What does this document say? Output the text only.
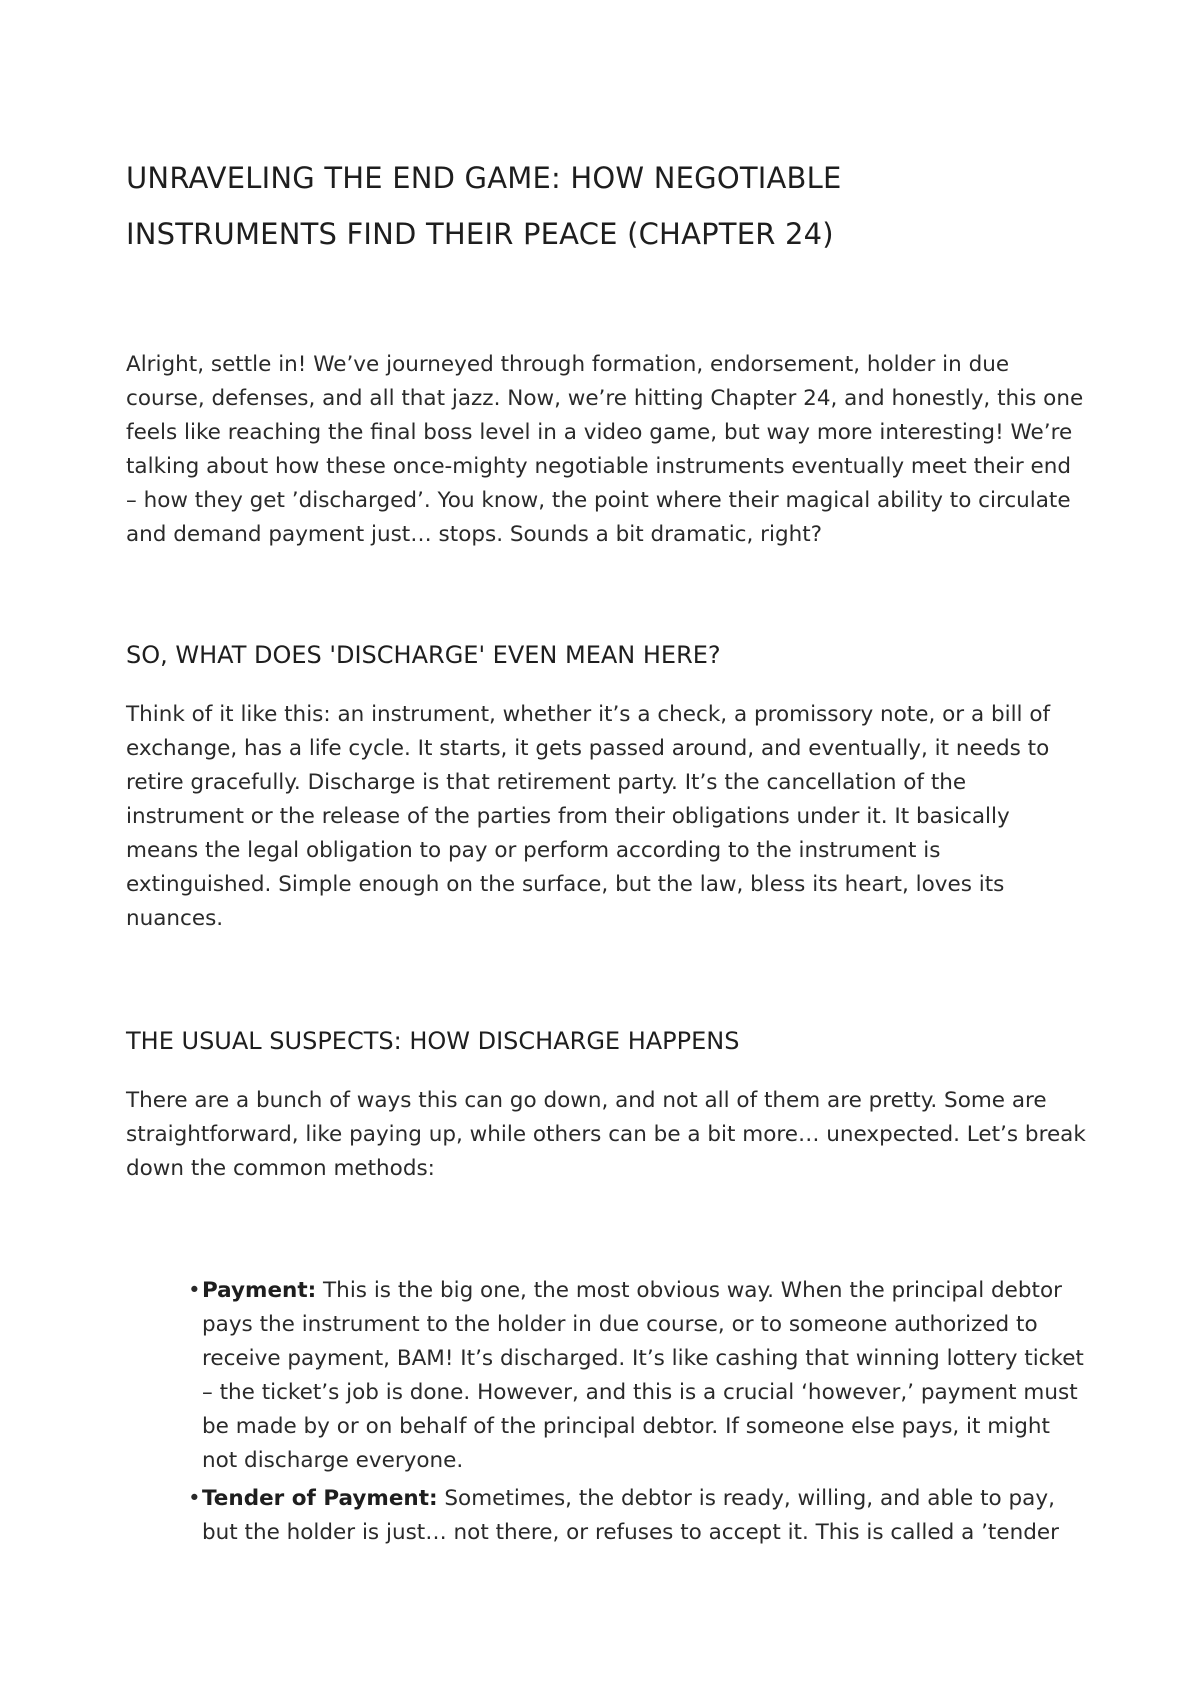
UNRAVELING THE END GAME: HOW NEGOTIABLE
INSTRUMENTS FIND THEIR PEACE (CHAPTER 24)

Alright, settle in! We’ve journeyed through formation, endorsement, holder in due course, defenses, and all that jazz. Now, we’re hitting Chapter 24, and honestly, this one feels like reaching the final boss level in a video game, but way more interesting! We’re talking about how these once-mighty negotiable instruments eventually meet their end – how they get ’discharged’. You know, the point where their magical ability to circulate and demand payment just… stops. Sounds a bit dramatic, right?

SO, WHAT DOES 'DISCHARGE' EVEN MEAN HERE?

Think of it like this: an instrument, whether it’s a check, a promissory note, or a bill of exchange, has a life cycle. It starts, it gets passed around, and eventually, it needs to retire gracefully. Discharge is that retirement party. It’s the cancellation of the instrument or the release of the parties from their obligations under it. It basically means the legal obligation to pay or perform according to the instrument is extinguished. Simple enough on the surface, but the law, bless its heart, loves its nuances.

THE USUAL SUSPECTS: HOW DISCHARGE HAPPENS

There are a bunch of ways this can go down, and not all of them are pretty. Some are straightforward, like paying up, while others can be a bit more… unexpected. Let’s break down the common methods:

• Payment: This is the big one, the most obvious way. When the principal debtor pays the instrument to the holder in due course, or to someone authorized to receive payment, BAM! It’s discharged. It’s like cashing that winning lottery ticket – the ticket’s job is done. However, and this is a crucial ‘however,’ payment must be made by or on behalf of the principal debtor. If someone else pays, it might not discharge everyone.
• Tender of Payment: Sometimes, the debtor is ready, willing, and able to pay, but the holder is just… not there, or refuses to accept it. This is called a ’tender
